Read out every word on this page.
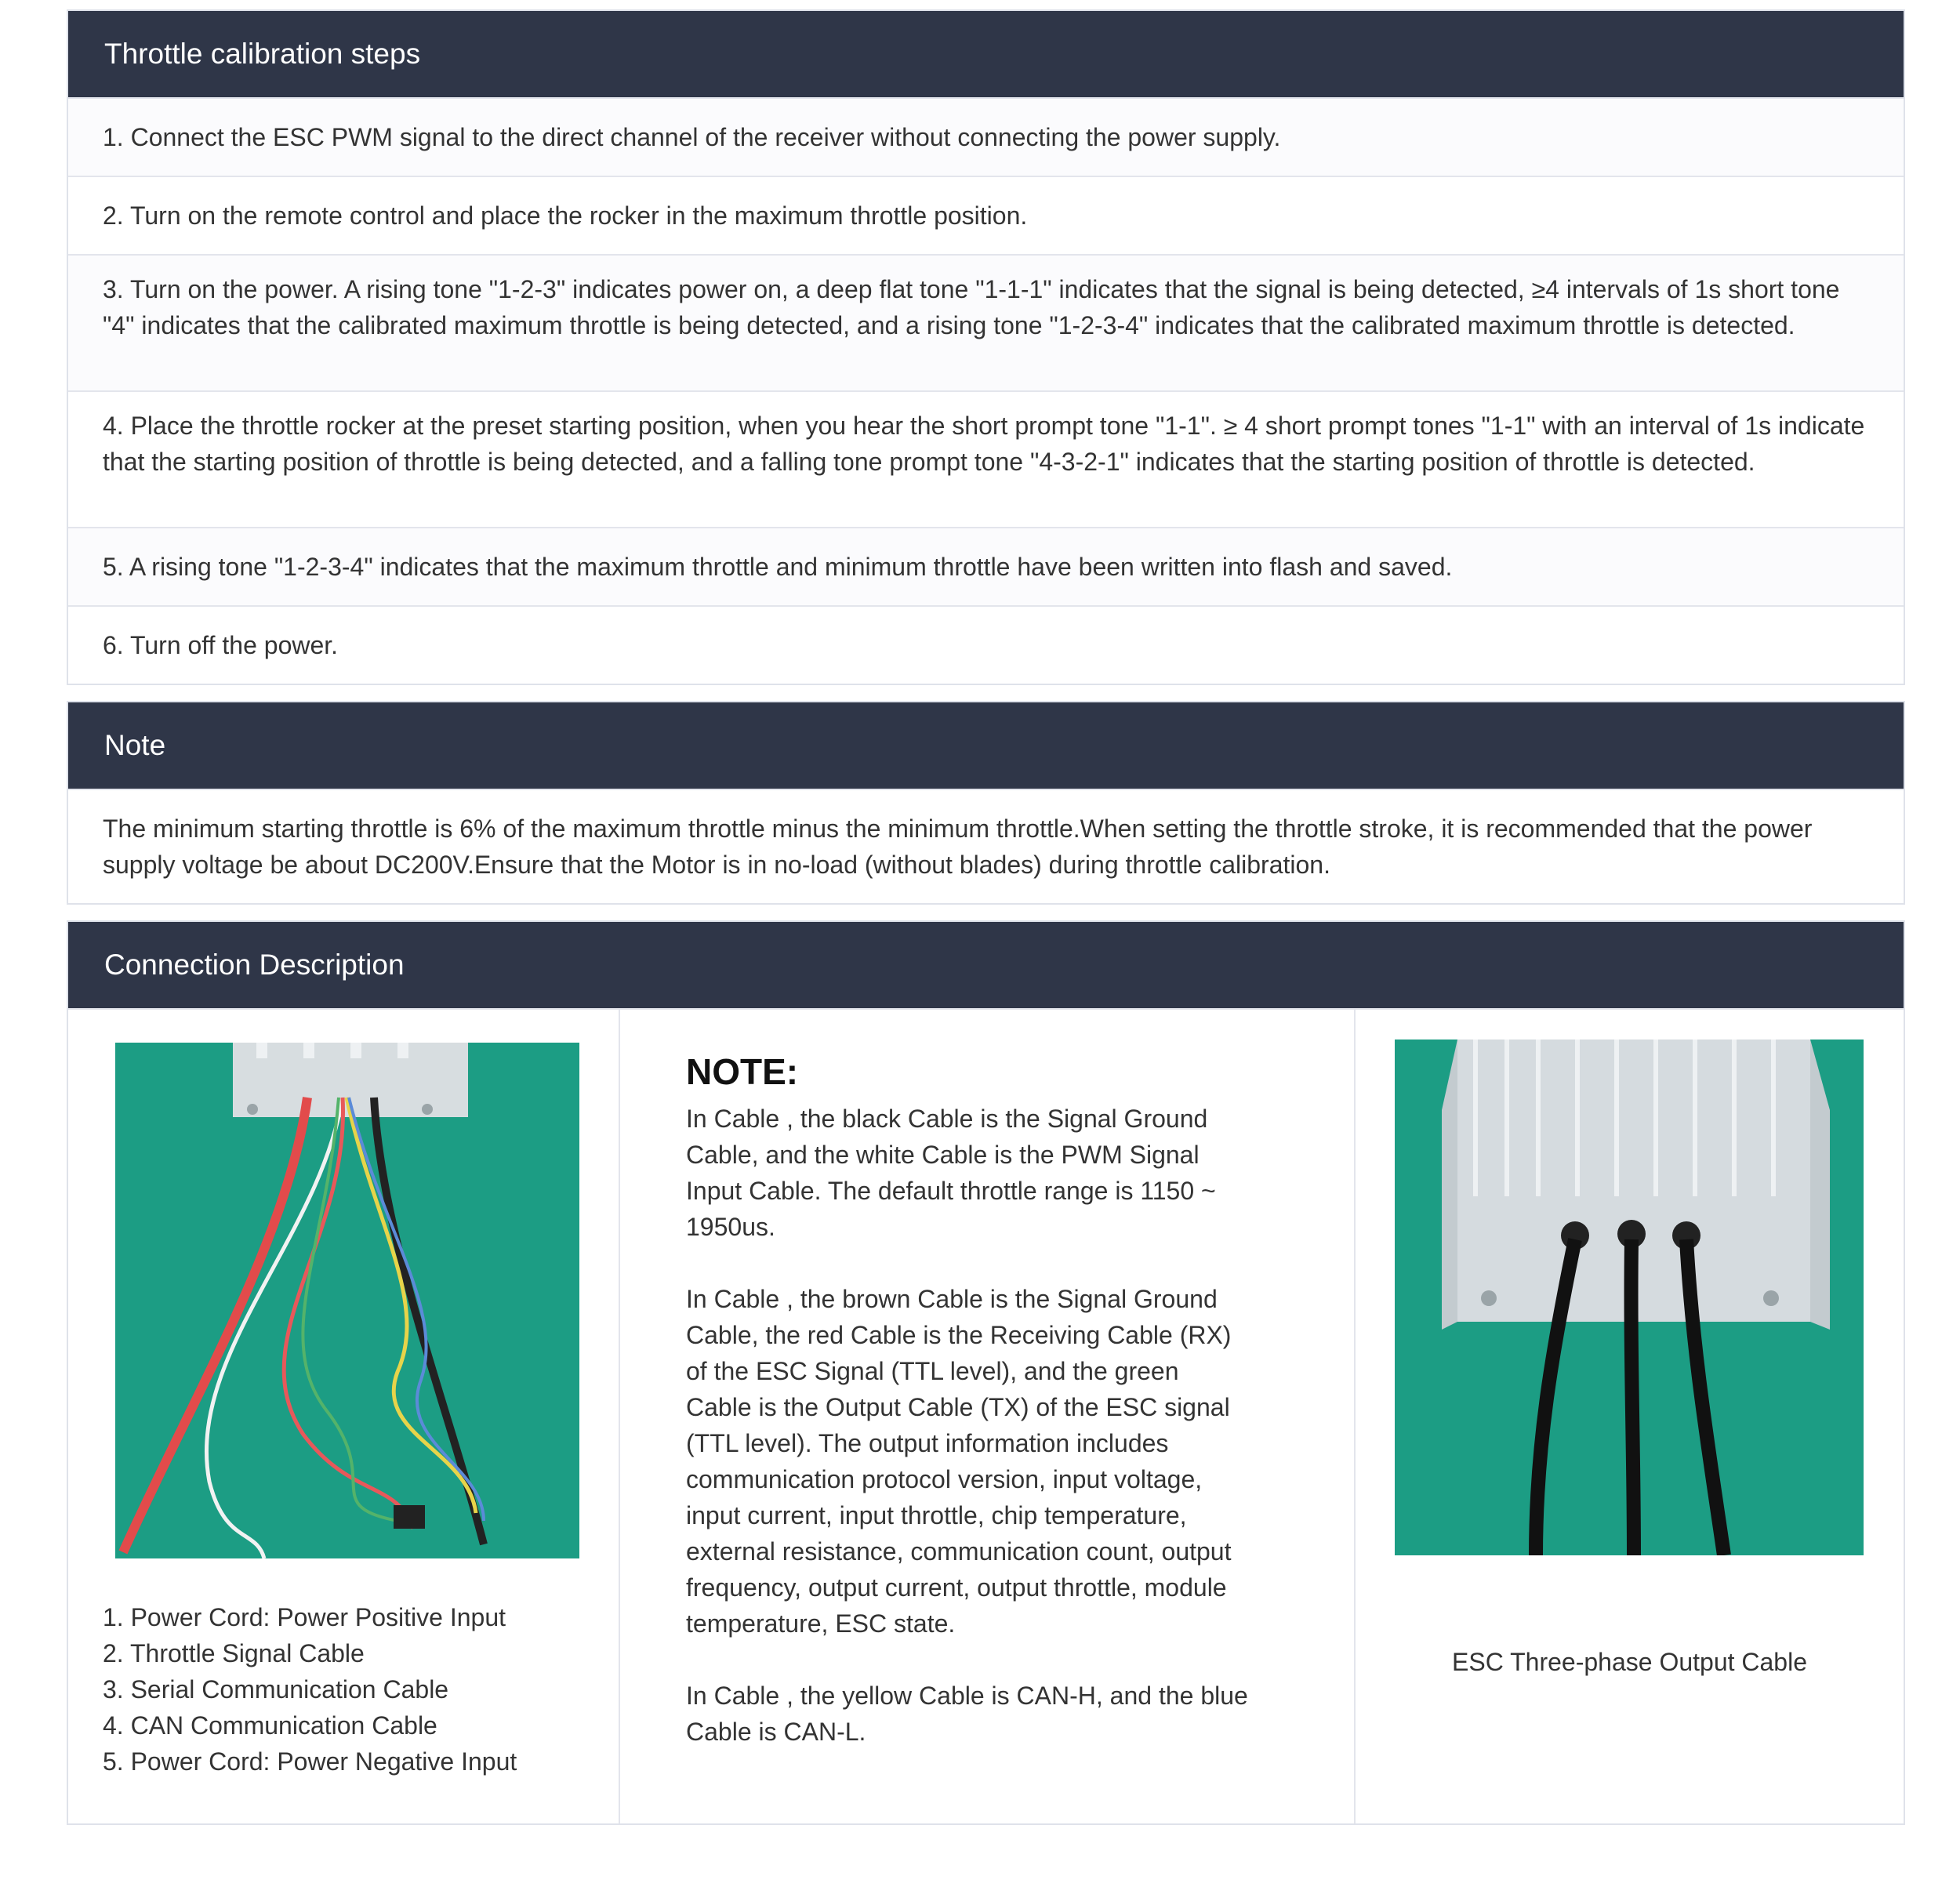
Throttle calibration steps
1. Connect the ESC PWM signal to the direct channel of the receiver without connecting the power supply.
2. Turn on the remote control and place the rocker in the maximum throttle position.
3. Turn on the power. A rising tone "1-2-3" indicates power on, a deep flat tone "1-1-1" indicates that the signal is being detected, ≥4 intervals of 1s short tone "4" indicates that the calibrated maximum throttle is being detected, and a rising tone "1-2-3-4" indicates that the calibrated maximum throttle is detected.
4. Place the throttle rocker at the preset starting position, when you hear the short prompt tone "1-1". ≥ 4 short prompt tones "1-1" with an interval of 1s indicate that the starting position of throttle is being detected, and a falling tone prompt tone "4-3-2-1" indicates that the starting position of throttle is detected.
5. A rising tone "1-2-3-4" indicates that the maximum throttle and minimum throttle have been written into flash and saved.
6. Turn off the power.
Note
The minimum starting throttle is 6% of the maximum throttle minus the minimum throttle.When setting the throttle stroke, it is recommended that the power supply voltage be about DC200V.Ensure that the Motor is in no-load (without blades) during throttle calibration.
Connection Description
1. Power Cord: Power Positive Input
2. Throttle Signal Cable
3. Serial Communication Cable
4. CAN Communication Cable
5. Power Cord: Power Negative Input
NOTE:

In Cable , the black Cable is the Signal Ground Cable, and the white Cable is the PWM Signal Input Cable. The default throttle range is 1150 ~ 1950us.

In Cable , the brown Cable is the Signal Ground Cable, the red Cable is the Receiving Cable (RX) of the ESC Signal (TTL level), and the green Cable is the Output Cable (TX) of the ESC signal (TTL level). The output information includes communication protocol version, input voltage, input current, input throttle, chip temperature, external resistance, communication count, output frequency, output current, output throttle, module temperature, ESC state.

In Cable , the yellow Cable is CAN-H, and the blue Cable is CAN-L.

ESC Three-phase Output Cable
